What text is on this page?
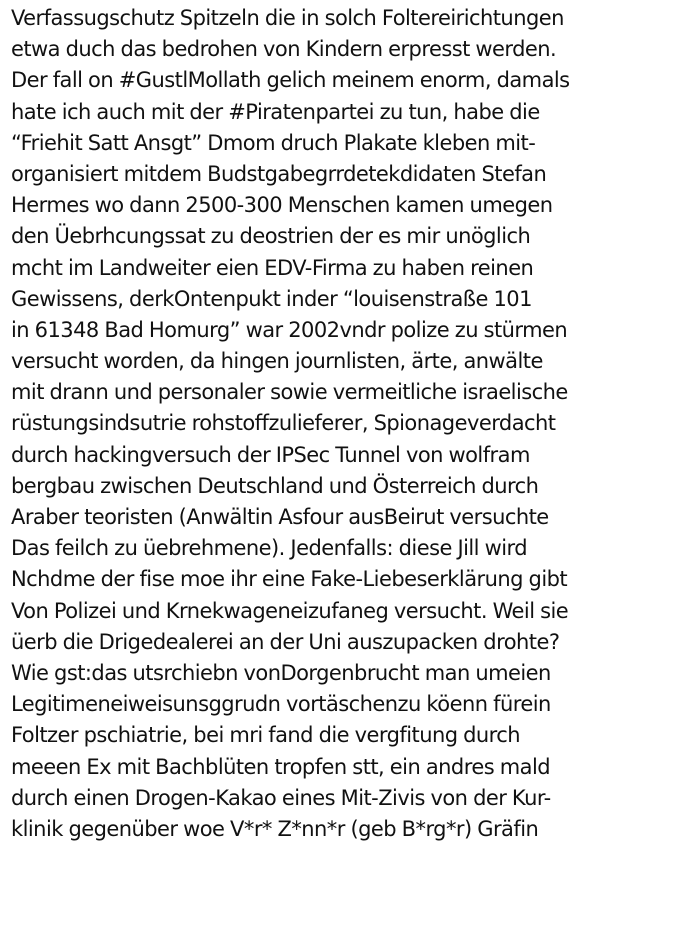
Verfassugschutz Spitzeln die in solch Foltereirichtungen
etwa duch das bedrohen von Kindern erpresst werden.
Der fall on #GustlMollath gelich meinem enorm, damals
hate ich auch mit der #Piratenpartei zu tun, habe die
“Friehit Satt Ansgt” Dmom druch Plakate kleben mit-
organisiert mitdem Budstgabegrrdetekdidaten Stefan
Hermes wo dann 2500-300 Menschen kamen umegen
den Üebrhcungssat zu deostrien der es mir unöglich
mcht im Landweiter eien EDV-Firma zu haben reinen
Gewissens, derkOntenpukt inder “louisenstraße 101
in 61348 Bad Homurg” war 2002vndr polize zu stürmen
versucht worden, da hingen journlisten, ärte, anwälte
mit drann und personaler sowie vermeitliche israelische
rüstungsindsutrie rohstoffzulieferer, Spionageverdacht
durch hackingversuch der IPSec Tunnel von wolfram
bergbau zwischen Deutschland und Österreich durch
Araber teoristen (Anwältin Asfour ausBeirut versuchte
Das feilch zu üebrehmene). Jedenfalls: diese Jill wird
Nchdme der fise moe ihr eine Fake-Liebeserklärung gibt
Von Polizei und Krnekwageneizufaneg versucht. Weil sie
üerb die Drigedealerei an der Uni auszupacken drohte?
Wie gst:das utsrchiebn vonDorgenbrucht man umeien
Legitimeneiweisunsggrudn vortäschenzu köenn fürein
Foltzer pschiatrie, bei mri fand die vergfitung durch
meeen Ex mit Bachblüten tropfen stt, ein andres mald
durch einen Drogen-Kakao eines Mit-Zivis von der Kur-
klinik gegenüber woe V*r* Z*nn*r (geb B*rg*r) Gräfin
